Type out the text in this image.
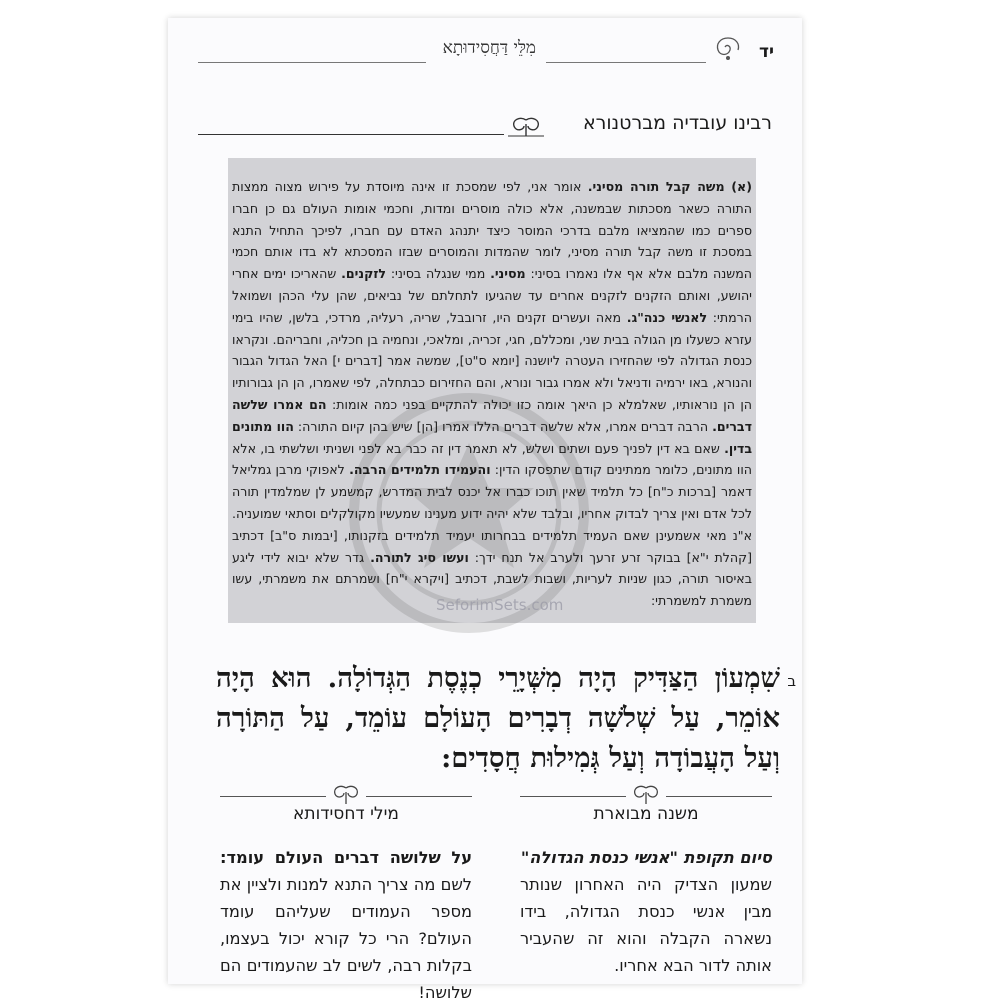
יד
מִלֵּי דַּחֲסִידוּתָא
רבינו עובדיה מברטנורא

(א) משה קבל תורה מסיני. אומר אני, לפי שמסכת זו אינה מיוסדת על פירוש מצוה ממצות התורה כשאר מסכתות שבמשנה, אלא כולה מוסרים ומדות, וחכמי אומות העולם גם כן חברו ספרים כמו שהמציאו מלבם בדרכי המוסר כיצד יתנהג האדם עם חברו, לפיכך התחיל התנא במסכת זו משה קבל תורה מסיני, לומר שהמדות והמוסרים שבזו המסכתא לא בדו אותם חכמי המשנה מלבם אלא אף אלו נאמרו בסיני: מסיני. ממי שנגלה בסיני: לזקנים. שהאריכו ימים אחרי יהושע, ואותם הזקנים לזקנים אחרים עד שהגיעו לתחלתם של נביאים, שהן עלי הכהן ושמואל הרמתי: לאנשי כנה"ג. מאה ועשרים זקנים היו, זרובבל, שריה, רעליה, מרדכי, בלשן, שהיו בימי עזרא כשעלו מן הגולה בבית שני, ומכללם, חגי, זכריה, ומלאכי, ונחמיה בן חכליה, וחבריהם. ונקראו כנסת הגדולה לפי שהחזירו העטרה ליושנה [יומא ס"ט], שמשה אמר [דברים י] האל הגדול הגבור והנורא, באו ירמיה ודניאל ולא אמרו גבור ונורא, והם החזירום כבתחלה, לפי שאמרו, הן הן גבורותיו הן הן נוראותיו, שאלמלא כן היאך אומה כזו יכולה להתקיים בפני כמה אומות: הם אמרו שלשה דברים. הרבה דברים אמרו, אלא שלשה דברים הללו אמרו [הן] שיש בהן קיום התורה: הוו מתונים בדין. שאם בא דין לפניך פעם ושתים ושלש, לא תאמר דין זה כבר בא לפני ושניתי ושלשתי בו, אלא הוו מתונים, כלומר ממתינים קודם שתפסקו הדין: והעמידו תלמידים הרבה. לאפוקי מרבן גמליאל דאמר [ברכות כ"ח] כל תלמיד שאין תוכו כברו אל יכנס לבית המדרש, קמשמע לן שמלמדין תורה לכל אדם ואין צריך לבדוק אחריו, ובלבד שלא יהיה ידוע מענינו שמעשיו מקולקלים וסתאי שמועניה. א"נ מאי אשמעינן שאם העמיד תלמידים בבחרותו יעמיד תלמידים בזקנותו, [יבמות ס"ב] דכתיב [קהלת י"א] בבוקר זרע זרעך ולערב אל תנח ידך: ועשו סיג לתורה. גדר שלא יבוא לידי ליגע באיסור תורה, כגון שניות לעריות, ושבות לשבת, דכתיב [ויקרא י"ח] ושמרתם את משמרתי, עשו משמרת למשמרתי:

SeforimSets.com
ב

שִׁמְעוֹן הַצַּדִּיק הָיָה מִשְּׁיָרֵי כְנֶסֶת הַגְּדוֹלָה. הוּא הָיָה אוֹמֵר, עַל שְׁלֹשָׁה דְבָרִים הָעוֹלָם עוֹמֵד, עַל הַתּוֹרָה וְעַל הָעֲבוֹדָה וְעַל גְּמִילוּת חֲסָדִים:

משנה מבוארת

סיום תקופת "אנשי כנסת הגדולה"

שמעון הצדיק היה האחרון שנותר מבין אנשי כנסת הגדולה, בידו נשארה הקבלה והוא זה שהעביר אותה לדור הבא אחריו.

מילי דחסידותא

על שלושה דברים העולם עומד: לשם מה צריך התנא למנות ולציין את מספר העמודים שעליהם עומד העולם? הרי כל קורא יכול בעצמו, בקלות רבה, לשים לב שהעמודים הם שלושה!
